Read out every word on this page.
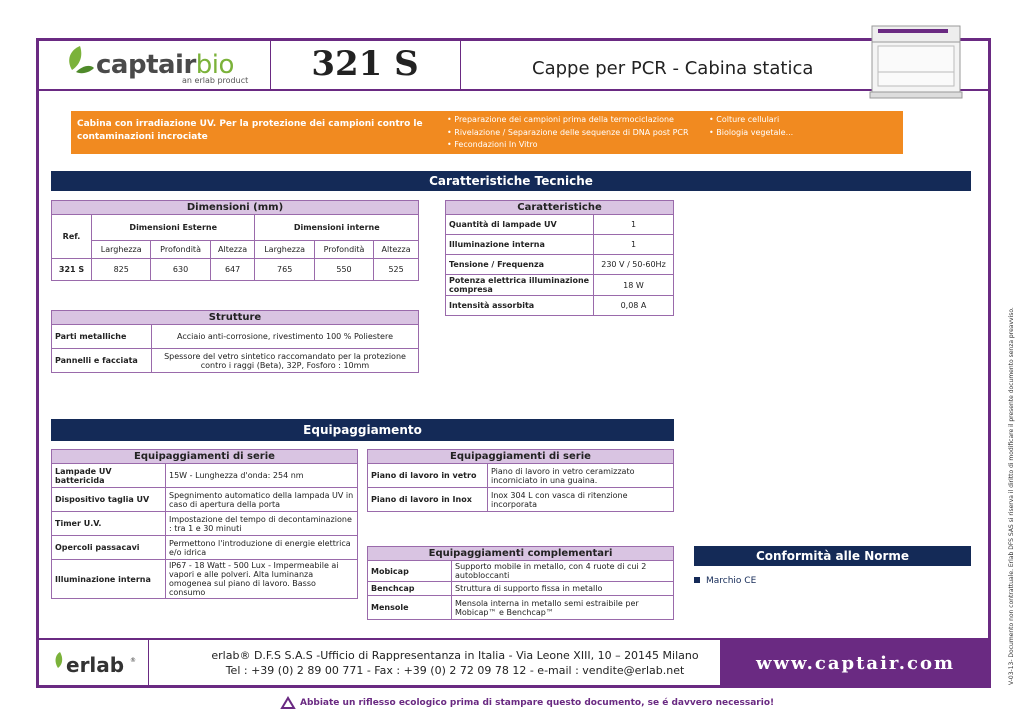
captairbio
an erlab product	321 S	Cappe per PCR - Cabina statica
Cabina con irradiazione UV. Per la protezione dei campioni contro le contaminazioni incrociate
• Preparazione dei campioni prima della termociclazione
• Rivelazione / Separazione delle sequenze di DNA post PCR
• Fecondazioni In Vitro
• Colture cellulari
• Biologia vegetale...
Caratteristiche Tecniche
Dimensioni (mm)						
Ref.	Dimensioni Esterne			Dimensioni interne		
	Larghezza	Profondità	Altezza	Larghezza	Profondità	Altezza
321 S	825	630	647	765	550	525
Caratteristiche	
Quantità di lampade UV	1
Illuminazione interna	1
Tensione / Frequenza	230 V / 50-60Hz
Potenza elettrica illuminazione compresa	18 W
Intensità assorbita	0,08 A
Strutture	
Parti metalliche	Acciaio anti-corrosione, rivestimento 100 % Poliestere
Pannelli e facciata	Spessore del vetro sintetico raccomandato per la protezione contro i raggi (Beta), 32P, Fosforo : 10mm
Equipaggiamento
Equipaggiamenti di serie	
Lampade UV battericida	15W - Lunghezza d'onda: 254 nm
Dispositivo taglia UV	Spegnimento automatico della lampada UV in caso di apertura della porta
Timer U.V.	Impostazione del tempo di decontaminazione : tra 1 e 30 minuti
Opercoli passacavi	Permettono l'introduzione di energie elettrica e/o idrica
Illuminazione interna	IP67 - 18 Watt - 500 Lux - Impermeabile ai vapori e alle polveri. Alta luminanza omogenea sul piano di lavoro. Basso consumo
Equipaggiamenti di serie	
Piano di lavoro in vetro	Piano di lavoro in vetro ceramizzato incorniciato in una guaina.
Piano di lavoro in Inox	Inox 304 L con vasca di ritenzione incorporata
Equipaggiamenti complementari	
Mobicap	Supporto mobile in metallo, con 4 ruote di cui 2 autobloccanti
Benchcap	Struttura di supporto fissa in metallo
Mensole	Mensola interna in metallo semi estraibile per Mobicap™ e Benchcap™
Conformità alle Norme
Marchio CE	V-03-13- Documento non contrattuale. Erlab DFS SAS si riserva il diritto di modificare il presente documento senza preavviso.
erlab ®	erlab® D.F.S S.A.S -Ufficio di Rappresentanza in Italia - Via Leone XIII, 10 – 20145 Milano
Tel : +39 (0) 2 89 00 771 - Fax : +39 (0) 2 72 09 78 12 - e-mail : vendite@erlab.net	www.captair.com
Abbiate un riflesso ecologico prima di stampare questo documento, se é davvero necessario!
